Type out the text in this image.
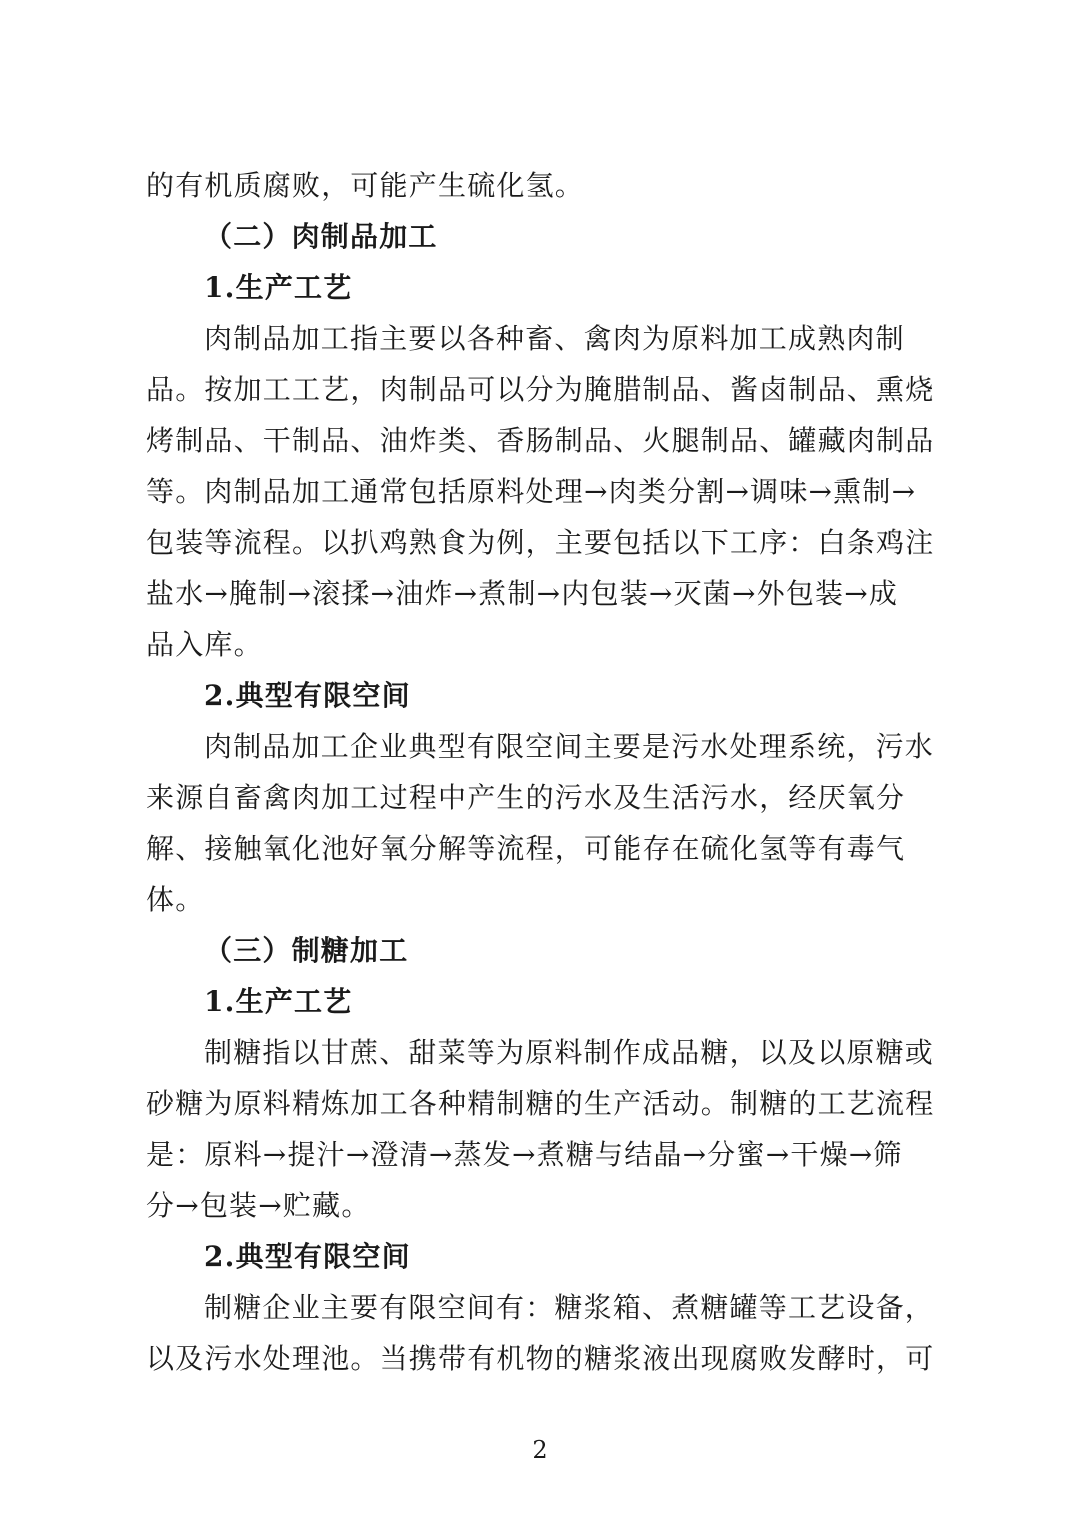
的有机质腐败，可能产生硫化氢。
（二）肉制品加工
1.生产工艺
肉制品加工指主要以各种畜、禽肉为原料加工成熟肉制
品。按加工工艺，肉制品可以分为腌腊制品、酱卤制品、熏烧
烤制品、干制品、油炸类、香肠制品、火腿制品、罐藏肉制品
等。肉制品加工通常包括原料处理→肉类分割→调味→熏制→
包装等流程。以扒鸡熟食为例，主要包括以下工序：白条鸡注
盐水→腌制→滚揉→油炸→煮制→内包装→灭菌→外包装→成
品入库。
2.典型有限空间
肉制品加工企业典型有限空间主要是污水处理系统，污水
来源自畜禽肉加工过程中产生的污水及生活污水，经厌氧分
解、接触氧化池好氧分解等流程，可能存在硫化氢等有毒气
体。
（三）制糖加工
1.生产工艺
制糖指以甘蔗、甜菜等为原料制作成品糖，以及以原糖或
砂糖为原料精炼加工各种精制糖的生产活动。制糖的工艺流程
是：原料→提汁→澄清→蒸发→煮糖与结晶→分蜜→干燥→筛
分→包装→贮藏。
2.典型有限空间
制糖企业主要有限空间有：糖浆箱、煮糖罐等工艺设备，
以及污水处理池。当携带有机物的糖浆液出现腐败发酵时，可
2
